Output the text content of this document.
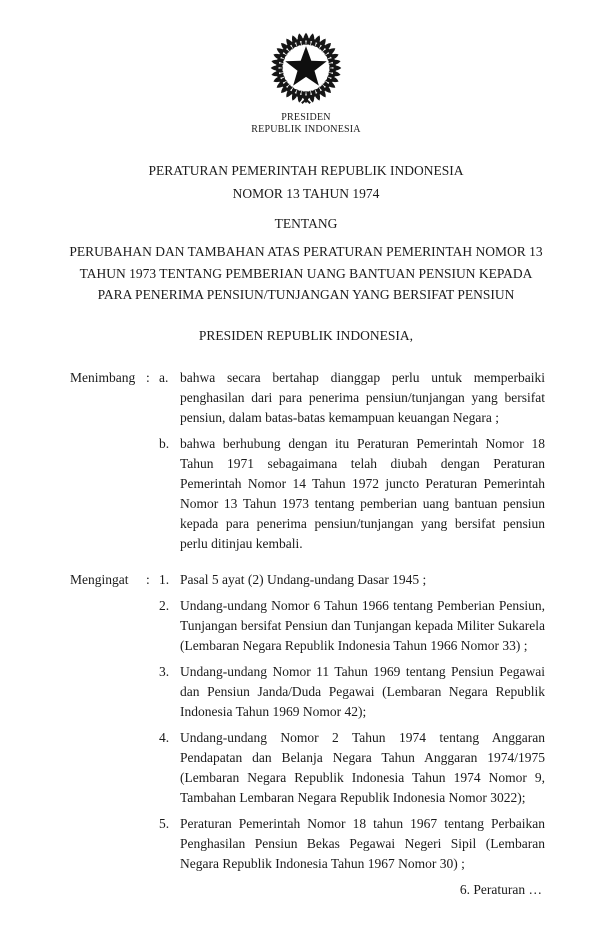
PRESIDEN
REPUBLIK INDONESIA
PERATURAN PEMERINTAH REPUBLIK INDONESIA
NOMOR 13 TAHUN 1974
TENTANG
PERUBAHAN DAN TAMBAHAN ATAS PERATURAN PEMERINTAH NOMOR 13
TAHUN 1973 TENTANG PEMBERIAN UANG BANTUAN PENSIUN KEPADA
PARA PENERIMA PENSIUN/TUNJANGAN YANG BERSIFAT PENSIUN
PRESIDEN REPUBLIK INDONESIA,
Menimbang : a. bahwa secara bertahap dianggap perlu untuk memperbaiki penghasilan dari para penerima pensiun/tunjangan yang bersifat pensiun, dalam batas-batas kemampuan keuangan Negara ;
b. bahwa berhubung dengan itu Peraturan Pemerintah Nomor 18 Tahun 1971 sebagaimana telah diubah dengan Peraturan Pemerintah Nomor 14 Tahun 1972 juncto Peraturan Pemerintah Nomor 13 Tahun 1973 tentang pemberian uang bantuan pensiun kepada para penerima pensiun/tunjangan yang bersifat pensiun perlu ditinjau kembali.
Mengingat	: 1. Pasal 5 ayat (2) Undang-undang Dasar 1945 ;
2. Undang-undang Nomor 6 Tahun 1966 tentang Pemberian Pensiun, Tunjangan bersifat Pensiun dan Tunjangan kepada Militer Sukarela (Lembaran Negara Republik Indonesia Tahun 1966 Nomor 33) ;
3. Undang-undang Nomor 11 Tahun 1969 tentang Pensiun Pegawai dan Pensiun Janda/Duda Pegawai (Lembaran Negara Republik Indonesia Tahun 1969 Nomor 42);
4. Undang-undang Nomor 2 Tahun 1974 tentang Anggaran Pendapatan dan Belanja Negara Tahun Anggaran 1974/1975 (Lembaran Negara Republik Indonesia Tahun 1974 Nomor 9, Tambahan Lembaran Negara Republik Indonesia Nomor 3022);
5. Peraturan Pemerintah Nomor 18 tahun 1967 tentang Perbaikan Penghasilan Pensiun Bekas Pegawai Negeri Sipil (Lembaran Negara Republik Indonesia Tahun 1967 Nomor 30) ;
6. Peraturan …
